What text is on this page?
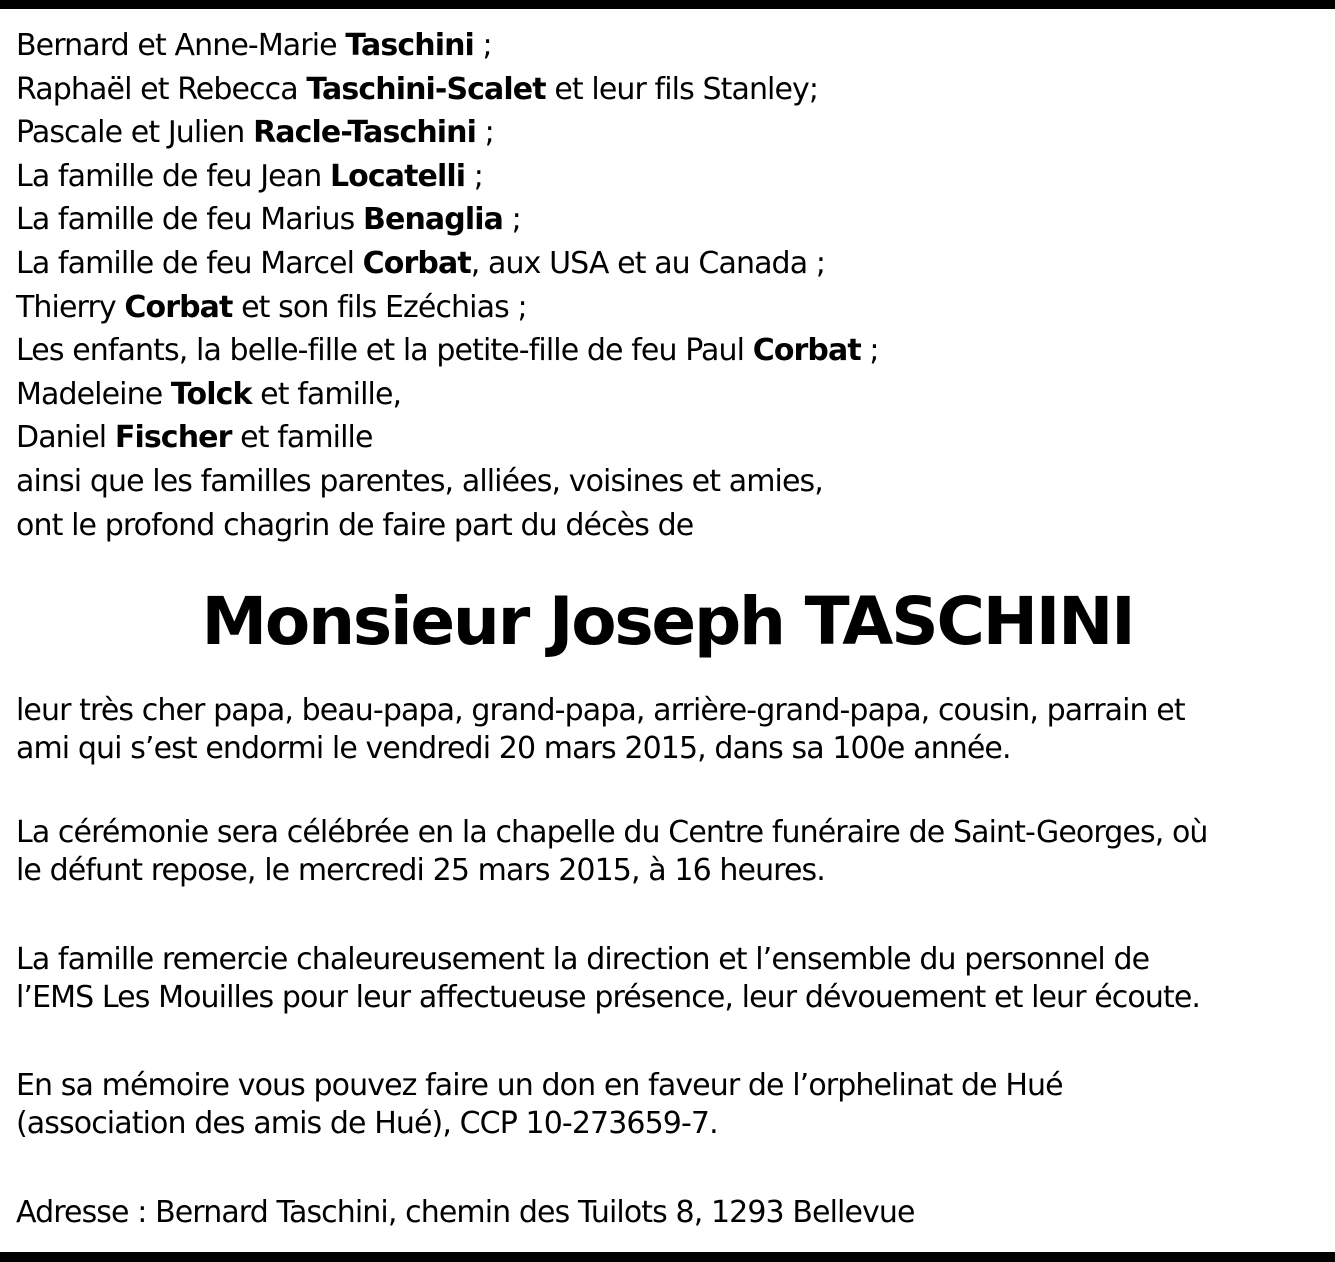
Bernard et Anne-Marie Taschini ;
Raphaël et Rebecca Taschini-Scalet et leur fils Stanley;
Pascale et Julien Racle-Taschini ;
La famille de feu Jean Locatelli ;
La famille de feu Marius Benaglia ;
La famille de feu Marcel Corbat, aux USA et au Canada ;
Thierry Corbat et son fils Ezéchias ;
Les enfants, la belle-fille et la petite-fille de feu Paul Corbat ;
Madeleine Tolck et famille,
Daniel Fischer et famille
ainsi que les familles parentes, alliées, voisines et amies,
ont le profond chagrin de faire part du décès de
Monsieur Joseph TASCHINI
leur très cher papa, beau-papa, grand-papa, arrière-grand-papa, cousin, parrain et
ami qui s’est endormi le vendredi 20 mars 2015, dans sa 100e année.
La cérémonie sera célébrée en la chapelle du Centre funéraire de Saint-Georges, où
le défunt repose, le mercredi 25 mars 2015, à 16 heures.
La famille remercie chaleureusement la direction et l’ensemble du personnel de
l’EMS Les Mouilles pour leur affectueuse présence, leur dévouement et leur écoute.
En sa mémoire vous pouvez faire un don en faveur de l’orphelinat de Hué
(association des amis de Hué), CCP 10-273659-7.
Adresse : Bernard Taschini, chemin des Tuilots 8, 1293 Bellevue
